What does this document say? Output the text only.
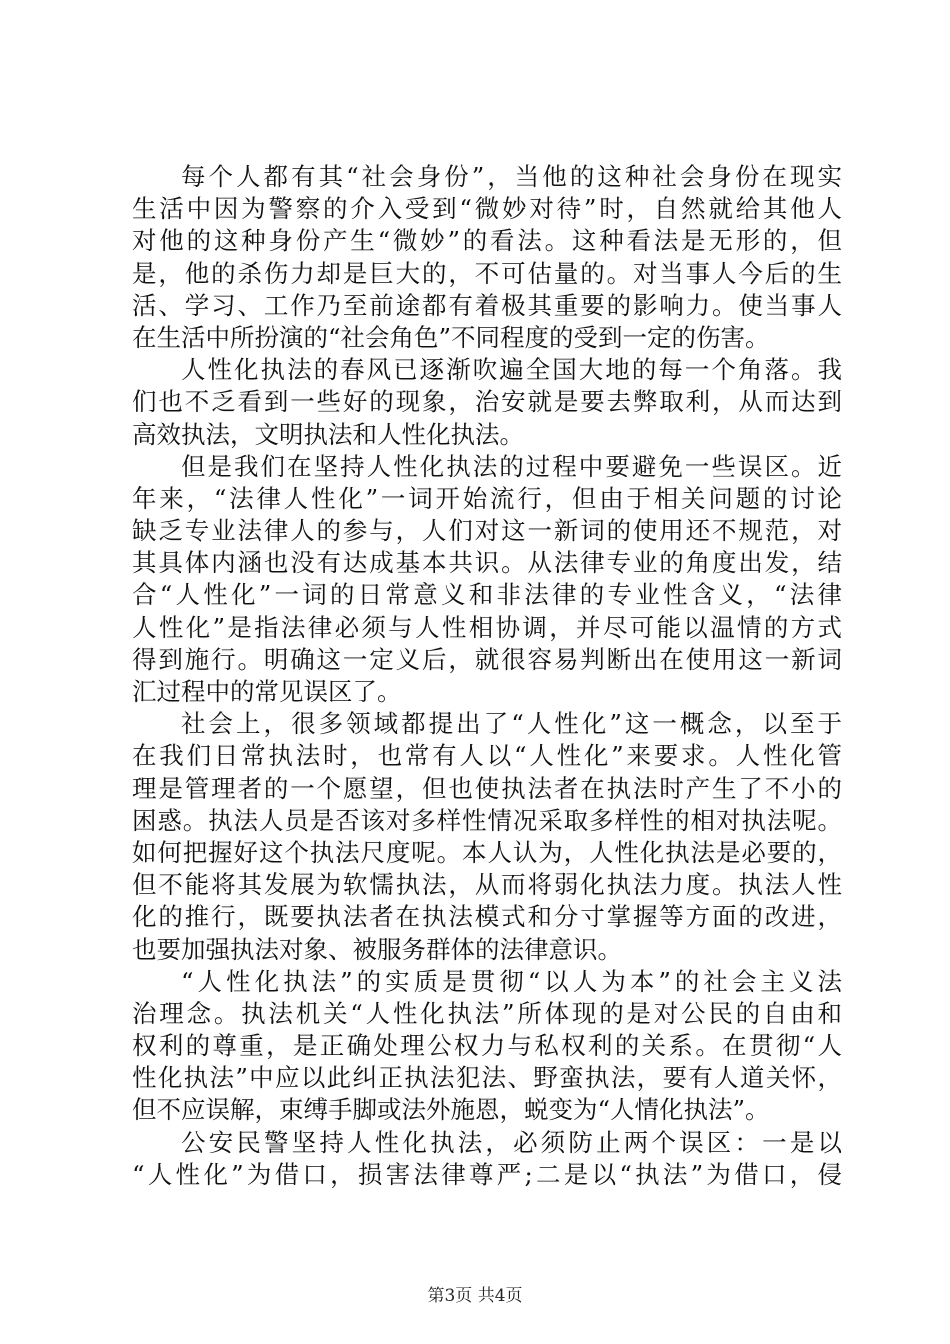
每个人都有其“社会身份”，当他的这种社会身份在现实
生活中因为警察的介入受到“微妙对待”时，自然就给其他人
对他的这种身份产生“微妙”的看法。这种看法是无形的，但
是，他的杀伤力却是巨大的，不可估量的。对当事人今后的生
活、学习、工作乃至前途都有着极其重要的影响力。使当事人
在生活中所扮演的“社会角色”不同程度的受到一定的伤害。
人性化执法的春风已逐渐吹遍全国大地的每一个角落。我
们也不乏看到一些好的现象，治安就是要去弊取利，从而达到
高效执法，文明执法和人性化执法。
但是我们在坚持人性化执法的过程中要避免一些误区。近
年来，“法律人性化”一词开始流行，但由于相关问题的讨论
缺乏专业法律人的参与，人们对这一新词的使用还不规范，对
其具体内涵也没有达成基本共识。从法律专业的角度出发，结
合“人性化”一词的日常意义和非法律的专业性含义，“法律
人性化”是指法律必须与人性相协调，并尽可能以温情的方式
得到施行。明确这一定义后，就很容易判断出在使用这一新词
汇过程中的常见误区了。
社会上，很多领域都提出了“人性化”这一概念，以至于
在我们日常执法时，也常有人以“人性化”来要求。人性化管
理是管理者的一个愿望，但也使执法者在执法时产生了不小的
困惑。执法人员是否该对多样性情况采取多样性的相对执法呢。
如何把握好这个执法尺度呢。本人认为，人性化执法是必要的，
但不能将其发展为软懦执法，从而将弱化执法力度。执法人性
化的推行，既要执法者在执法模式和分寸掌握等方面的改进，
也要加强执法对象、被服务群体的法律意识。
“人性化执法”的实质是贯彻“以人为本”的社会主义法
治理念。执法机关“人性化执法”所体现的是对公民的自由和
权利的尊重，是正确处理公权力与私权利的关系。在贯彻“人
性化执法”中应以此纠正执法犯法、野蛮执法，要有人道关怀，
但不应误解，束缚手脚或法外施恩，蜕变为“人情化执法”。
公安民警坚持人性化执法，必须防止两个误区：一是以
“人性化”为借口，损害法律尊严;二是以“执法”为借口，侵
第3页 共4页
